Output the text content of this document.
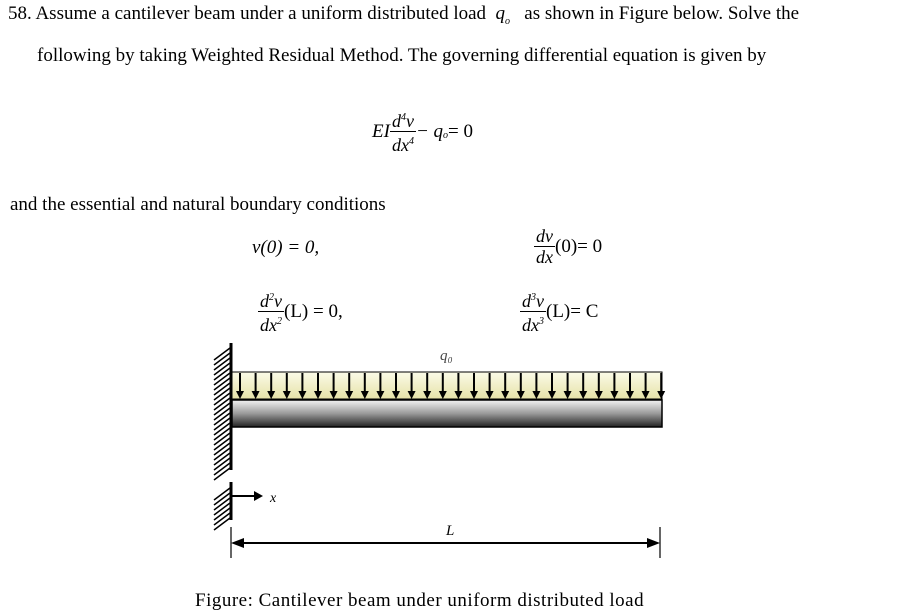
58. Assume a cantilever beam under a uniform distributed load $q_o$ as shown in Figure below. Solve the
following by taking Weighted Residual Method. The governing differential equation is given by
EI $\frac{d^4v}{dx^4} - q_o = 0$
and the essential and natural boundary conditions
v(0) = 0,	$\frac{dv}{dx} (0)= 0$
$\frac{d^2v}{dx^2} (L) = 0$,	$\frac{d^3v}{dx^3} (L)= C$
q₀
x
L
Figure: Cantilever beam under uniform distributed load
